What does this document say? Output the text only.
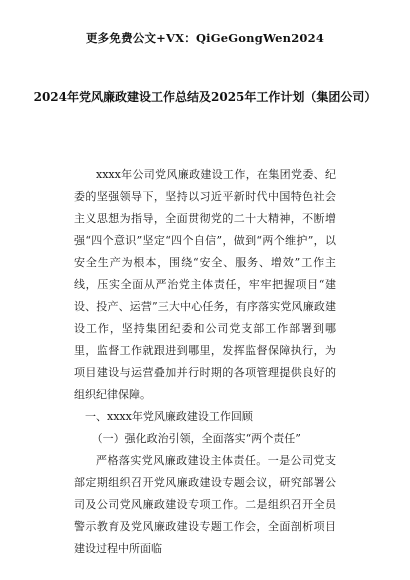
更多免费公文+VX：QiGeGongWen2024
2024年党风廉政建设工作总结及2025年工作计划（集团公司）

xxxx年公司党风廉政建设工作，在集团党委、纪委的坚强领导下，坚持以习近平新时代中国特色社会主义思想为指导，全面贯彻党的二十大精神，不断增强“四个意识”坚定“四个自信”，做到“两个维护”，以安全生产为根本，围绕“安全、服务、增效”工作主线，压实全面从严治党主体责任，牢牢把握项目“建设、投产、运营”三大中心任务，有序落实党风廉政建设工作，坚持集团纪委和公司党支部工作部署到哪里，监督工作就跟进到哪里，发挥监督保障执行，为项目建设与运营叠加并行时期的各项管理提供良好的组织纪律保障。

一、xxxx年党风廉政建设工作回顾

（一）强化政治引领，全面落实“两个责任”

严格落实党风廉政建设主体责任。一是公司党支部定期组织召开党风廉政建设专题会议，研究部署公司及公司党风廉政建设专项工作。二是组织召开全员警示教育及党风廉政建设专题工作会，全面剖析项目建设过程中所面临
